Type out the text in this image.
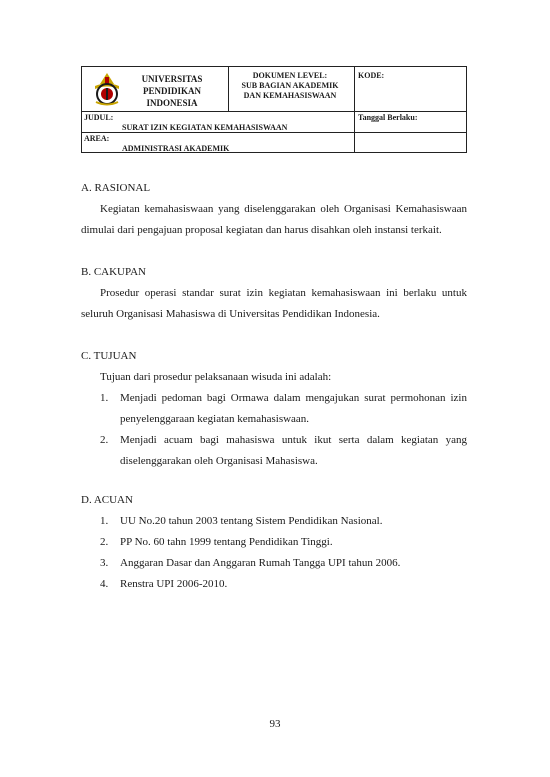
UNIVERSITAS
PENDIDIKAN
INDONESIA
DOKUMEN LEVEL:
SUB BAGIAN AKADEMIK
DAN KEMAHASISWAAN
KODE:
JUDUL:
SURAT IZIN KEGIATAN KEMAHASISWAAN
Tanggal Berlaku:
AREA:
ADMINISTRASI AKADEMIK
A. RASIONAL

Kegiatan kemahasiswaan yang diselenggarakan oleh Organisasi Kemahasiswaan dimulai dari pengajuan proposal kegiatan dan harus disahkan oleh instansi terkait.

B. CAKUPAN

Prosedur operasi standar surat izin kegiatan kemahasiswaan ini berlaku untuk seluruh Organisasi Mahasiswa di Universitas Pendidikan Indonesia.

C. TUJUAN

Tujuan dari prosedur pelaksanaan wisuda ini adalah:

1. Menjadi pedoman bagi Ormawa dalam mengajukan surat permohonan izin penyelenggaraan kegiatan kemahasiswaan.
2. Menjadi acuam bagi mahasiswa untuk ikut serta dalam kegiatan yang diselenggarakan oleh Organisasi Mahasiswa.
D. ACUAN
1. UU No.20 tahun 2003 tentang Sistem Pendidikan Nasional.
2. PP No. 60 tahn 1999 tentang Pendidikan Tinggi.
3. Anggaran Dasar dan Anggaran Rumah Tangga UPI tahun 2006.
4. Renstra UPI 2006-2010.
93
